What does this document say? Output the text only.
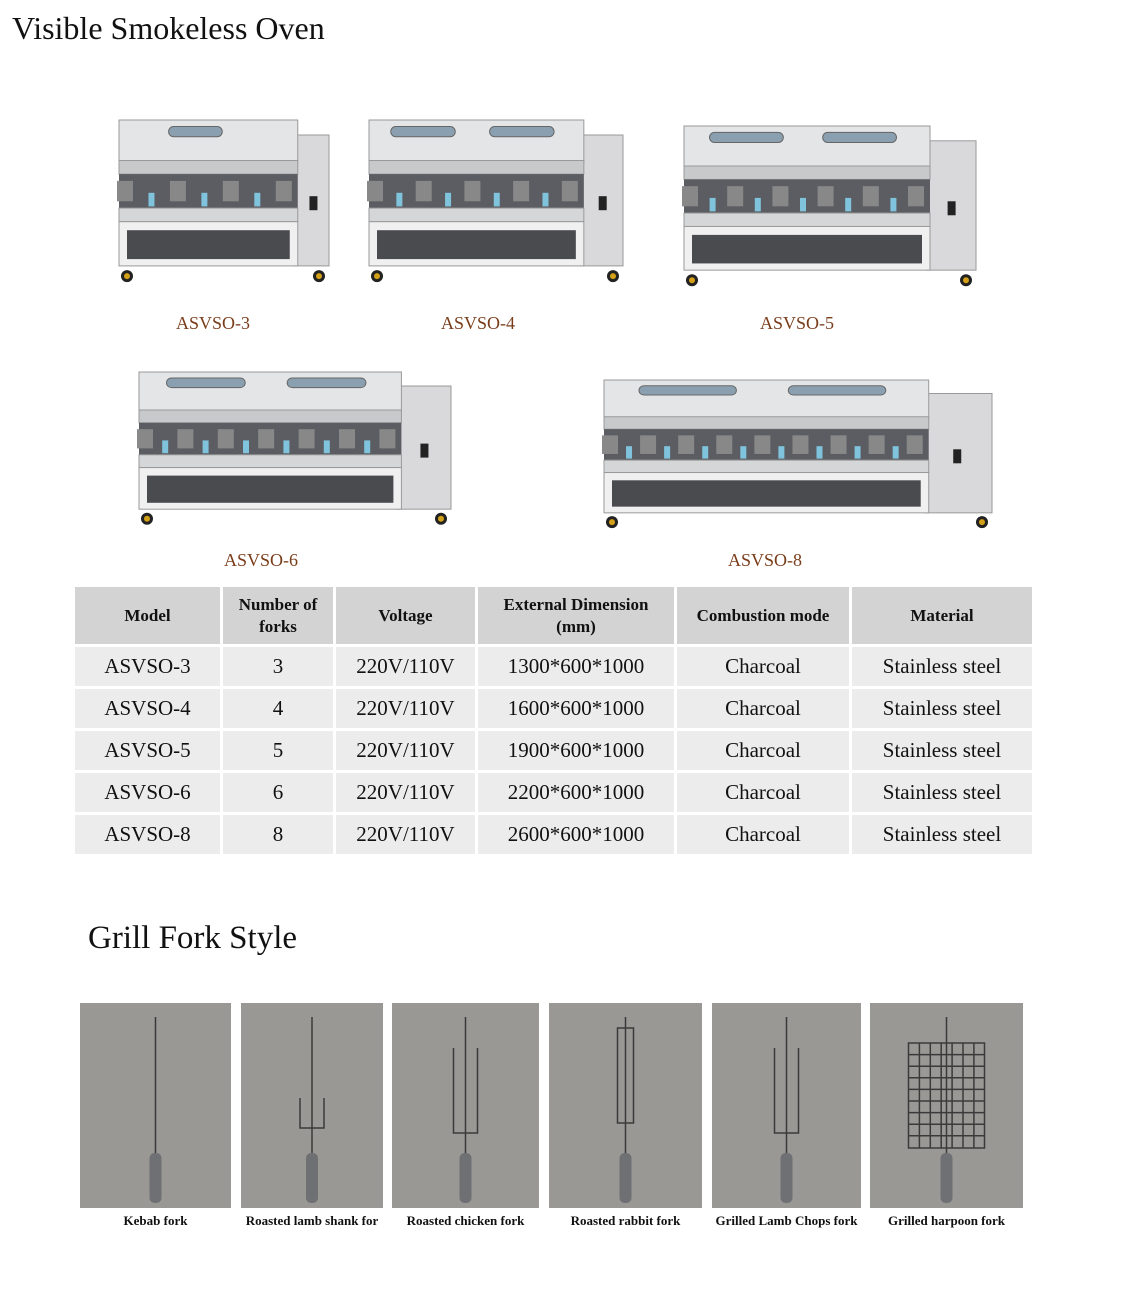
Visible Smokeless Oven
ASVSO-3	ASVSO-4	ASVSO-5
ASVSO-6	ASVSO-8
Model	Number of forks	Voltage	External Dimension (mm)	Combustion mode	Material
ASVSO-3	3	220V/110V	1300*600*1000	Charcoal	Stainless steel
ASVSO-4	4	220V/110V	1600*600*1000	Charcoal	Stainless steel
ASVSO-5	5	220V/110V	1900*600*1000	Charcoal	Stainless steel
ASVSO-6	6	220V/110V	2200*600*1000	Charcoal	Stainless steel
ASVSO-8	8	220V/110V	2600*600*1000	Charcoal	Stainless steel
Grill Fork Style
Kebab fork	Roasted lamb shank for Roasted chicken fork	Roasted rabbit fork	Grilled Lamb Chops fork Grilled harpoon fork
